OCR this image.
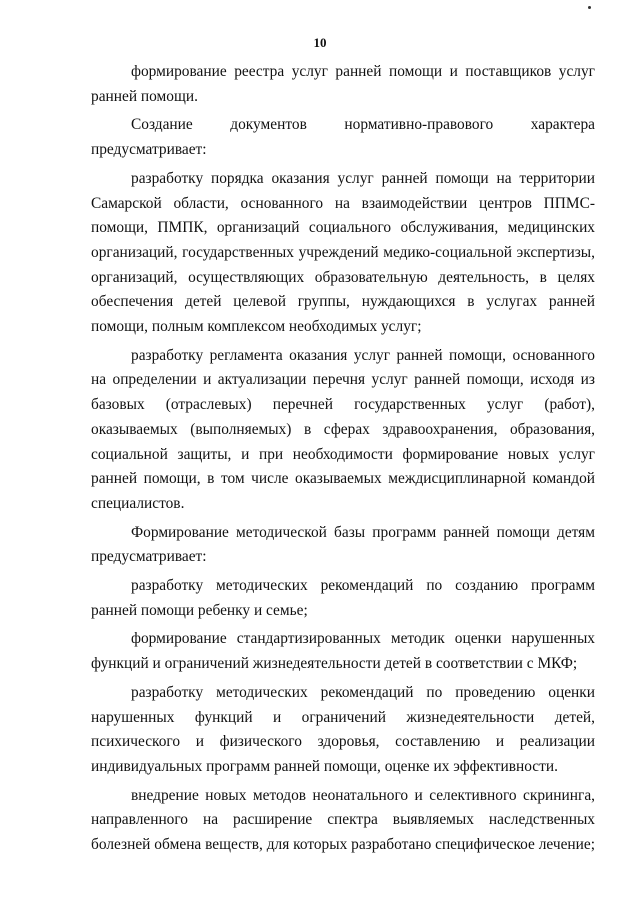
10

формирование реестра услуг ранней помощи и поставщиков услуг ранней помощи.

Создание документов нормативно-правового характера предусматривает:

разработку порядка оказания услуг ранней помощи на территории Самарской области, основанного на взаимодействии центров ППМС-помощи, ПМПК, организаций социального обслуживания, медицинских организаций, государственных учреждений медико-социальной экспертизы, организаций, осуществляющих образовательную деятельность, в целях обеспечения детей целевой группы, нуждающихся в услугах ранней помощи, полным комплексом необходимых услуг;

разработку регламента оказания услуг ранней помощи, основанного на определении и актуализации перечня услуг ранней помощи, исходя из базовых (отраслевых) перечней государственных услуг (работ), оказываемых (выполняемых) в сферах здравоохранения, образования, социальной защиты, и при необходимости формирование новых услуг ранней помощи, в том числе оказываемых междисциплинарной командой специалистов.

Формирование методической базы программ ранней помощи детям предусматривает:

разработку методических рекомендаций по созданию программ ранней помощи ребенку и семье;

формирование стандартизированных методик оценки нарушенных функций и ограничений жизнедеятельности детей в соответствии с МКФ;

разработку методических рекомендаций по проведению оценки нарушенных функций и ограничений жизнедеятельности детей, психического и физического здоровья, составлению и реализации индивидуальных программ ранней помощи, оценке их эффективности.

внедрение новых методов неонатального и селективного скрининга, направленного на расширение спектра выявляемых наследственных болезней обмена веществ, для которых разработано специфическое лечение;
